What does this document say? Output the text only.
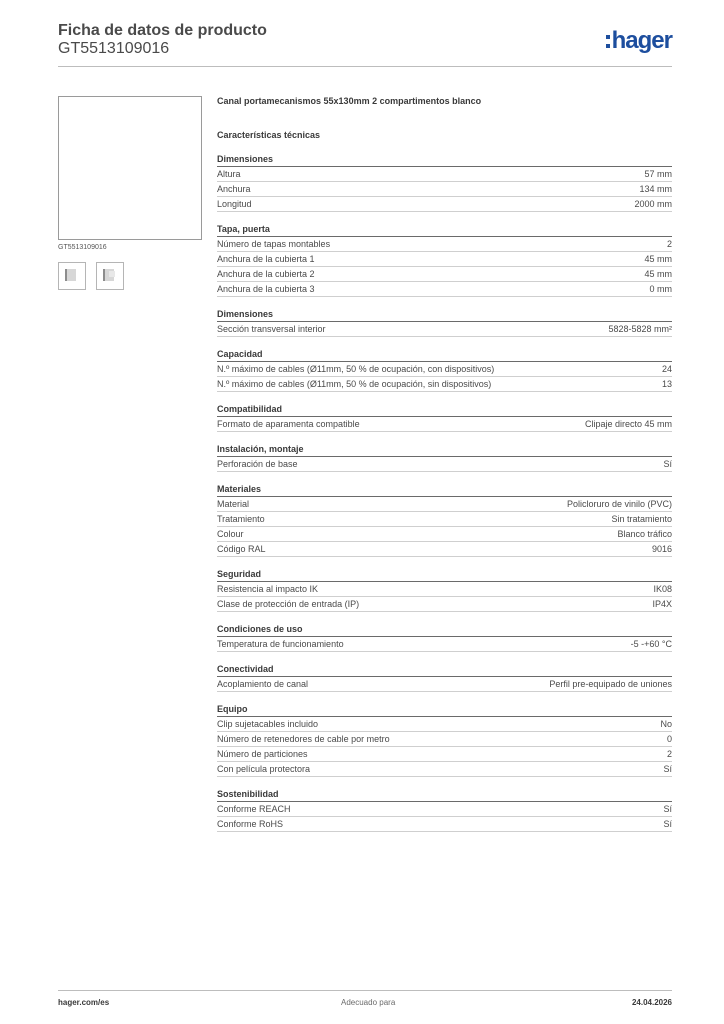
Ficha de datos de producto
GT5513109016	hager
GT5513109016
Canal portamecanismos 55x130mm 2 compartimentos blanco
Características técnicas
Dimensiones
Altura	57 mm
Anchura	134 mm
Longitud	2000 mm
Tapa, puerta
Número de tapas montables	2
Anchura de la cubierta 1	45 mm
Anchura de la cubierta 2	45 mm
Anchura de la cubierta 3	0 mm
Dimensiones
Sección transversal interior	5828-5828 mm²
Capacidad
N.º máximo de cables (Ø11mm, 50 % de ocupación, con dispositivos)	24
N.º máximo de cables (Ø11mm, 50 % de ocupación, sin dispositivos)	13
Compatibilidad
Formato de aparamenta compatible	Clipaje directo 45 mm
Instalación, montaje
Perforación de base	Sí
Materiales
Material	Policloruro de vinilo (PVC)
Tratamiento	Sin tratamiento
Colour	Blanco tráfico
Código RAL	9016
Seguridad
Resistencia al impacto IK	IK08
Clase de protección de entrada (IP)	IP4X
Condiciones de uso
Temperatura de funcionamiento	-5 -+60 °C
Conectividad
Acoplamiento de canal	Perfil pre-equipado de uniones
Equipo
Clip sujetacables incluido	No
Número de retenedores de cable por metro	0
Número de particiones	2
Con película protectora	Sí
Sostenibilidad
Conforme REACH	Sí
Conforme RoHS	Sí
hager.com/es	Adecuado para	24.04.2026
